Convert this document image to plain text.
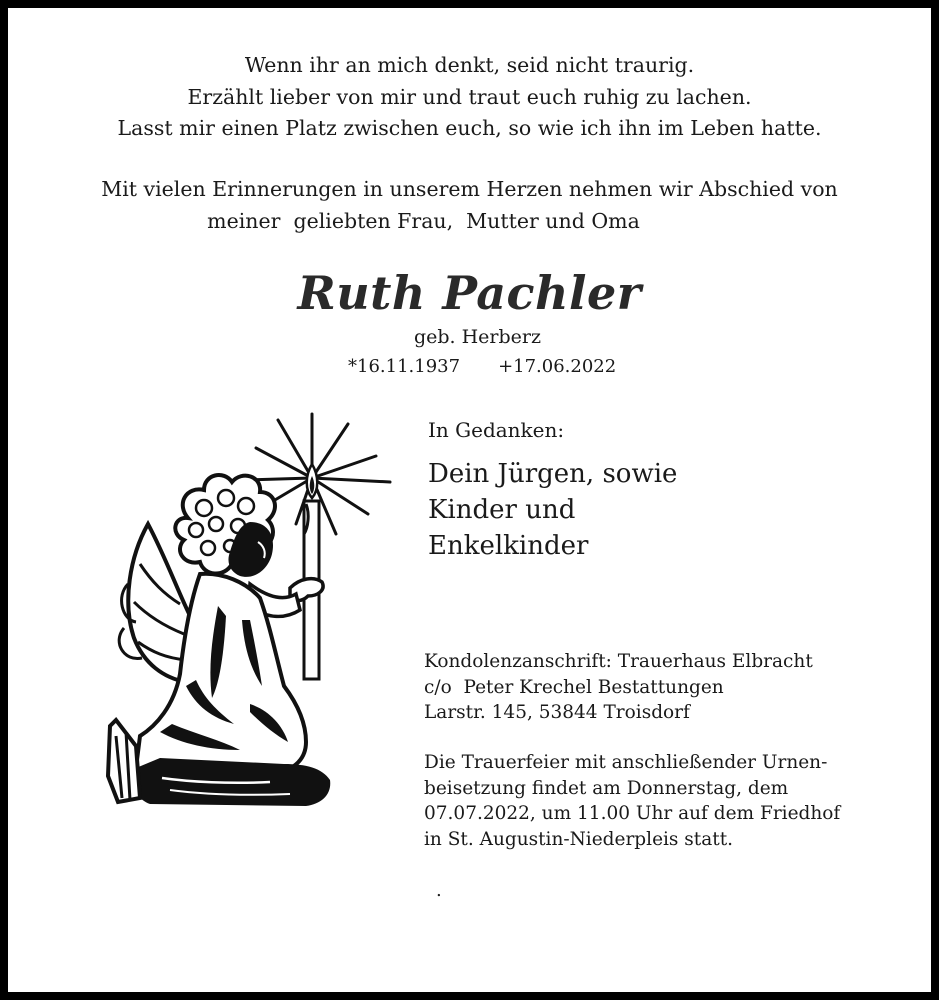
Wenn ihr an mich denkt, seid nicht traurig.
Erzählt lieber von mir und traut euch ruhig zu lachen.
Lasst mir einen Platz zwischen euch, so wie ich ihn im Leben hatte.
Mit vielen Erinnerungen in unserem Herzen nehmen wir Abschied von
meiner  geliebten Frau,  Mutter und Oma
Ruth Pachler
geb. Herberz
*16.11.1937 +17.06.2022
In Gedanken:
Dein Jürgen, sowie
Kinder und
Enkelkinder
Kondolenzanschrift: Trauerhaus Elbracht
c/o  Peter Krechel Bestattungen
Larstr. 145, 53844 Troisdorf
Die Trauerfeier mit anschließender Urnen-
beisetzung findet am Donnerstag, dem
07.07.2022, um 11.00 Uhr auf dem Friedhof
in St. Augustin-Niederpleis statt.
.
